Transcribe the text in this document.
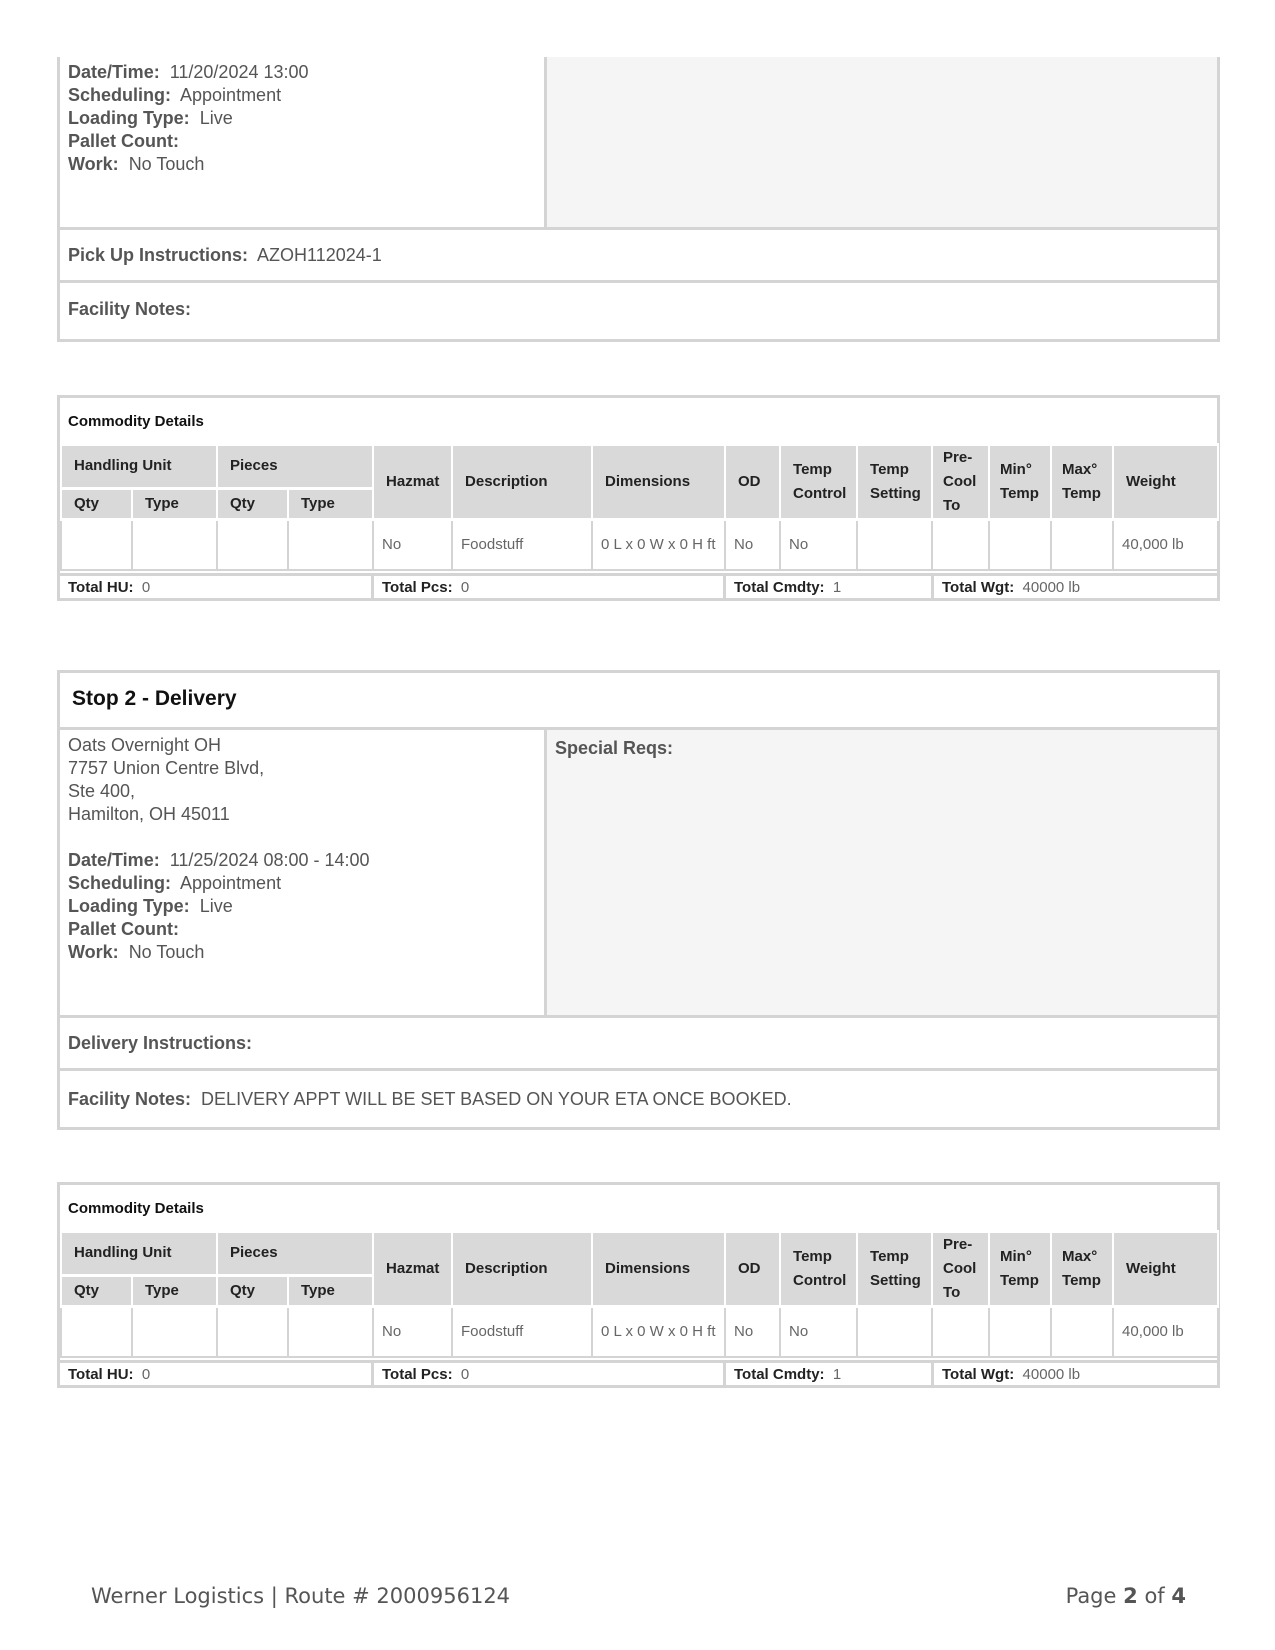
Date/Time: 11/20/2024 13:00
Scheduling: Appointment
Loading Type: Live
Pallet Count:
Work: No Touch
Pick Up Instructions: AZOH112024-1
Facility Notes:
Commodity Details
Handling Unit		Pieces		Hazmat	Description	Dimensions	OD	Temp Control	Temp Setting	Pre-Cool To	Min° Temp	Max° Temp	Weight
Qty	Type	Qty	Type										
				No	Foodstuff	0 L x 0 W x 0 H ft	No	No					40,000 lb
Total HU: 0	Total Pcs: 0	Total Cmdty: 1	Total Wgt: 40000 lb
Stop 2 - Delivery
Oats Overnight OH
7757 Union Centre Blvd,
Ste 400,
Hamilton, OH 45011
Date/Time: 11/25/2024 08:00 - 14:00
Scheduling: Appointment
Loading Type: Live
Pallet Count:
Work: No Touch
Special Reqs:
Delivery Instructions:
Facility Notes: DELIVERY APPT WILL BE SET BASED ON YOUR ETA ONCE BOOKED.
Commodity Details
Handling Unit		Pieces		Hazmat	Description	Dimensions	OD	Temp Control	Temp Setting	Pre-Cool To	Min° Temp	Max° Temp	Weight
Qty	Type	Qty	Type										
				No	Foodstuff	0 L x 0 W x 0 H ft	No	No					40,000 lb
Total HU: 0	Total Pcs: 0	Total Cmdty: 1	Total Wgt: 40000 lb
Werner Logistics | Route # 2000956124	Page 2 of 4
